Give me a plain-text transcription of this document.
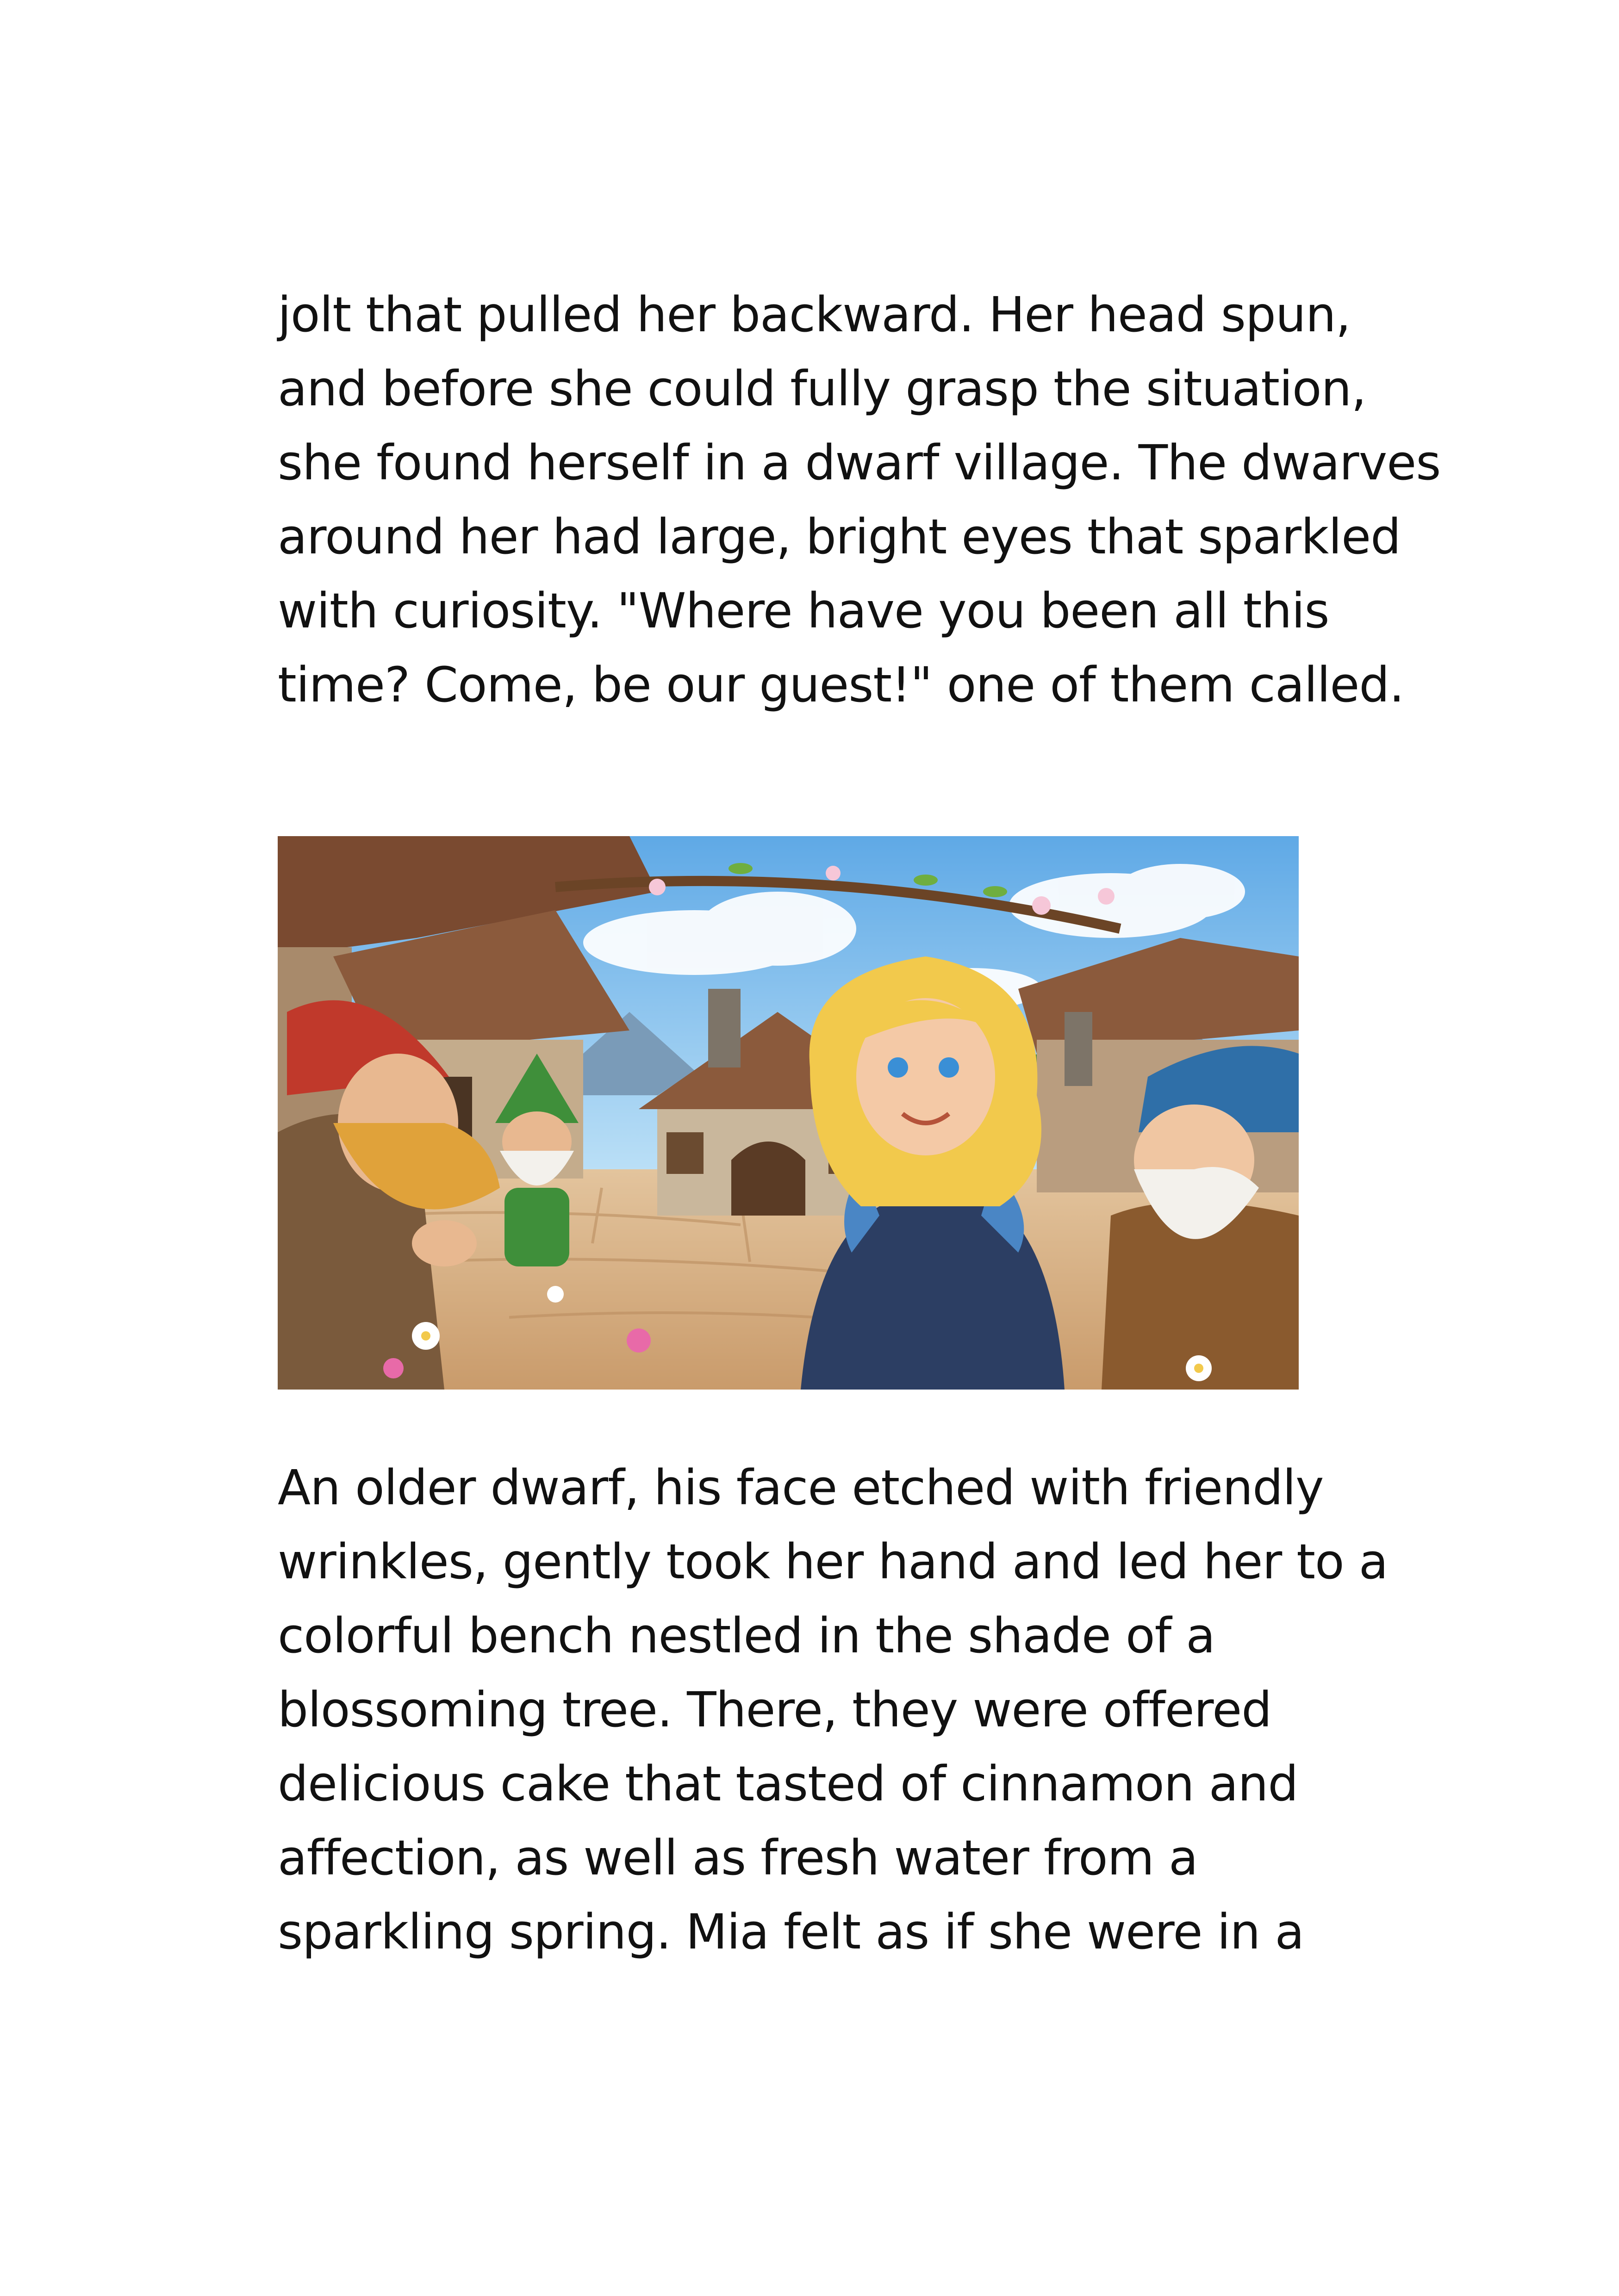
jolt that pulled her backward. Her head spun,
and before she could fully grasp the situation,
she found herself in a dwarf village. The dwarves
around her had large, bright eyes that sparkled
with curiosity. "Where have you been all this
time? Come, be our guest!" one of them called.

An older dwarf, his face etched with friendly
wrinkles, gently took her hand and led her to a
colorful bench nestled in the shade of a
blossoming tree. There, they were offered
delicious cake that tasted of cinnamon and
affection, as well as fresh water from a
sparkling spring. Mia felt as if she were in a
